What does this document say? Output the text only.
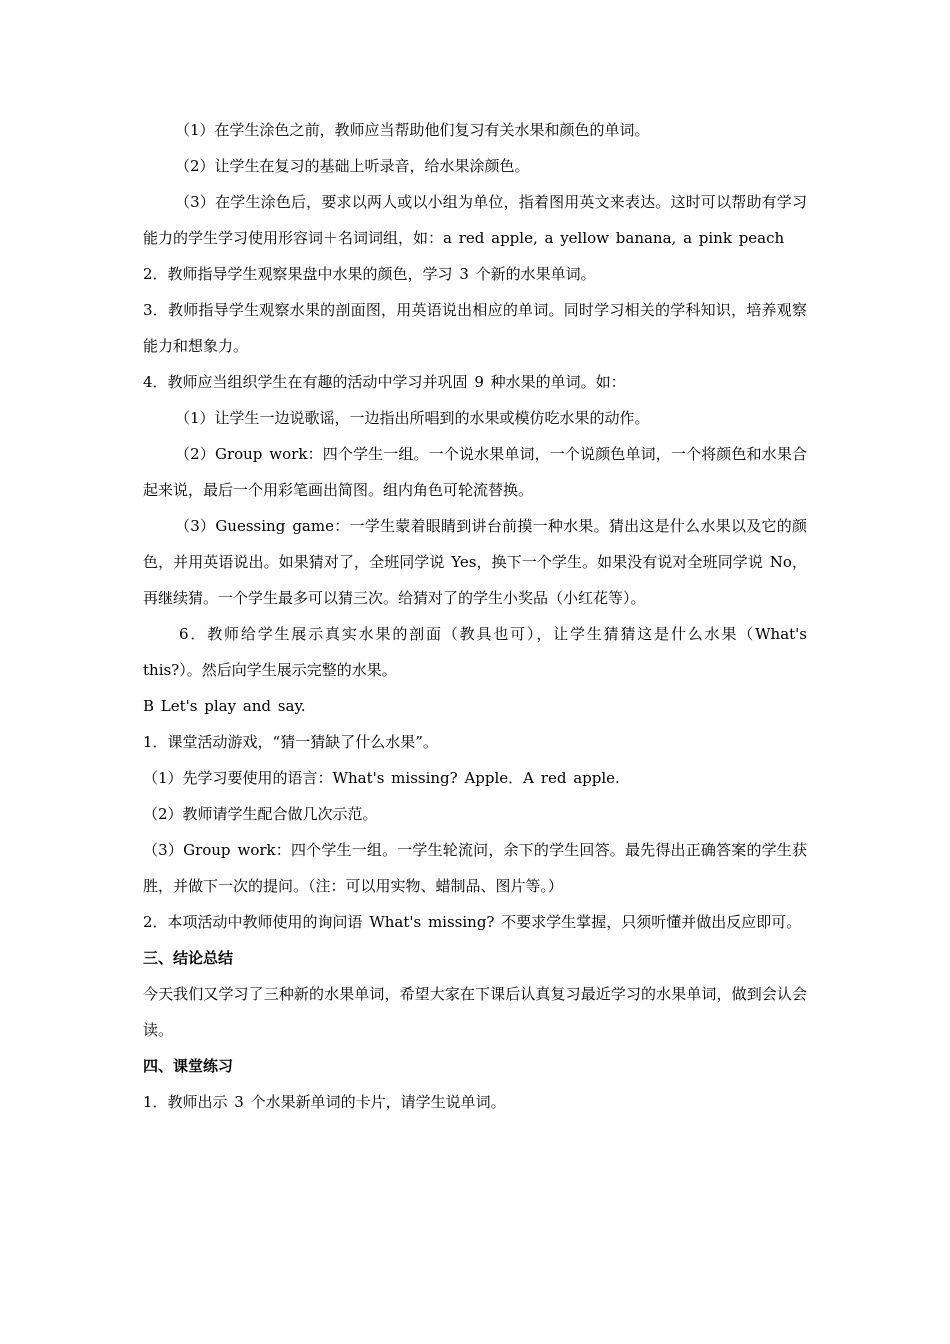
（1）在学生涂色之前，教师应当帮助他们复习有关水果和颜色的单词。

（2）让学生在复习的基础上听录音，给水果涂颜色。

（3）在学生涂色后，要求以两人或以小组为单位，指着图用英文来表达。这时可以帮助有学习能力的学生学习使用形容词＋名词词组，如：a red apple, a yellow banana, a pink peach

2．教师指导学生观察果盘中水果的颜色，学习 3 个新的水果单词。

3．教师指导学生观察水果的剖面图，用英语说出相应的单词。同时学习相关的学科知识，培养观察能力和想象力。

4．教师应当组织学生在有趣的活动中学习并巩固 9 种水果的单词。如：

（1）让学生一边说歌谣，一边指出所唱到的水果或模仿吃水果的动作。

（2）Group work：四个学生一组。一个说水果单词，一个说颜色单词，一个将颜色和水果合起来说，最后一个用彩笔画出简图。组内角色可轮流替换。

（3）Guessing game：一学生蒙着眼睛到讲台前摸一种水果。猜出这是什么水果以及它的颜色，并用英语说出。如果猜对了，全班同学说 Yes，换下一个学生。如果没有说对全班同学说 No，再继续猜。一个学生最多可以猜三次。给猜对了的学生小奖品（小红花等）。

6．教师给学生展示真实水果的剖面（教具也可），让学生猜猜这是什么水果（What's this?）。然后向学生展示完整的水果。

B Let's play and say.

1．课堂活动游戏，“猜一猜缺了什么水果”。

（1）先学习要使用的语言：What's missing? Apple．A red apple.

（2）教师请学生配合做几次示范。

（3）Group work：四个学生一组。一学生轮流问，余下的学生回答。最先得出正确答案的学生获胜，并做下一次的提问。（注：可以用实物、蜡制品、图片等。）

2．本项活动中教师使用的询问语 What's missing? 不要求学生掌握，只须听懂并做出反应即可。

三、结论总结

今天我们又学习了三种新的水果单词，希望大家在下课后认真复习最近学习的水果单词，做到会认会读。

四、课堂练习

1．教师出示 3 个水果新单词的卡片，请学生说单词。
